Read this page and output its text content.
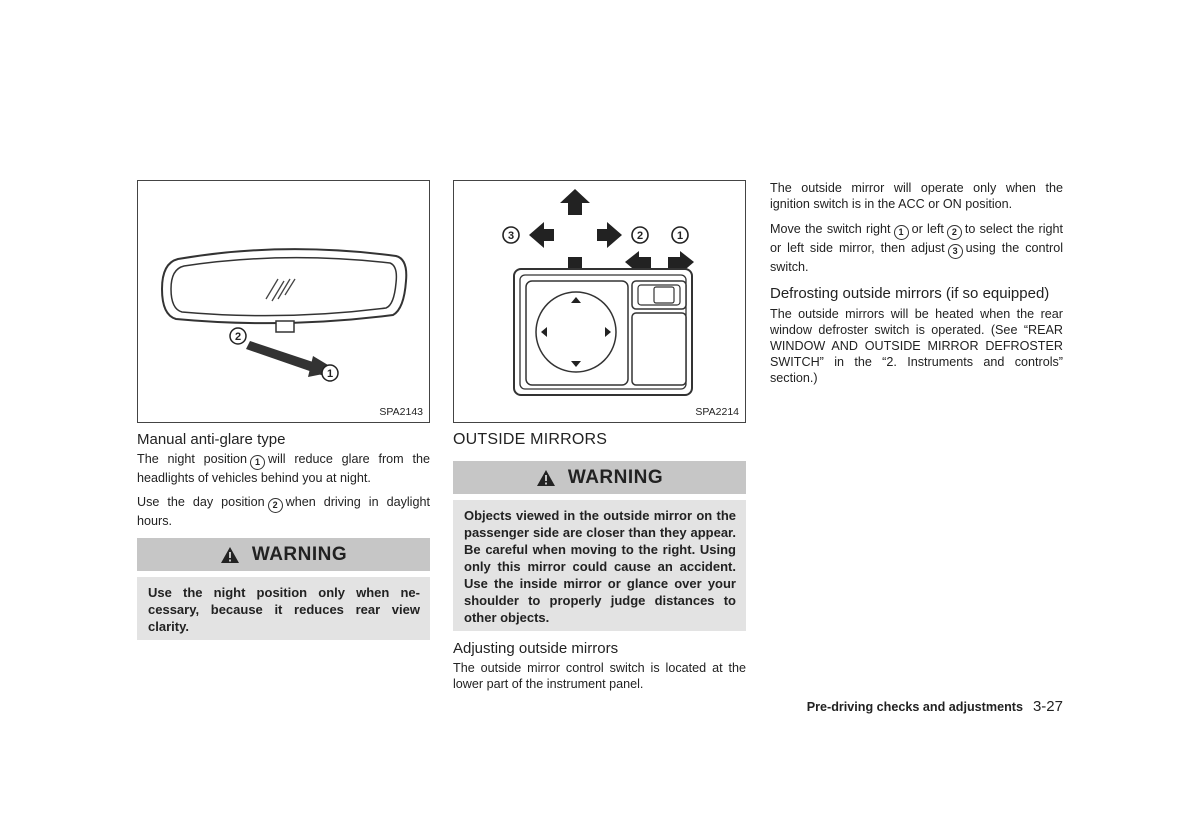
2
1
SPA2143

Manual anti-glare type

The night position 1 will reduce glare from the headlights of vehicles behind you at night.

Use the day position 2 when driving in daylight hours.

WARNING
Use the night position only when ne-cessary, because it reduces rear view clarity.
3	2	1
SPA2214

OUTSIDE MIRRORS

WARNING
Objects viewed in the outside mirror on the passenger side are closer than they appear. Be careful when moving to the right. Using only this mirror could cause an accident. Use the inside mirror or glance over your shoulder to properly judge distances to other objects.

Adjusting outside mirrors

The outside mirror control switch is located at the lower part of the instrument panel.

The outside mirror will operate only when the ignition switch is in the ACC or ON position.

Move the switch right 1 or left 2 to select the right or left side mirror, then adjust 3 using the control switch.

Defrosting outside mirrors (if so equipped)

The outside mirrors will be heated when the rear window defroster switch is operated. (See “REAR WINDOW AND OUTSIDE MIRROR DEFROSTER SWITCH” in the “2. Instruments and controls” section.)

Pre-driving checks and adjustments 3-27
